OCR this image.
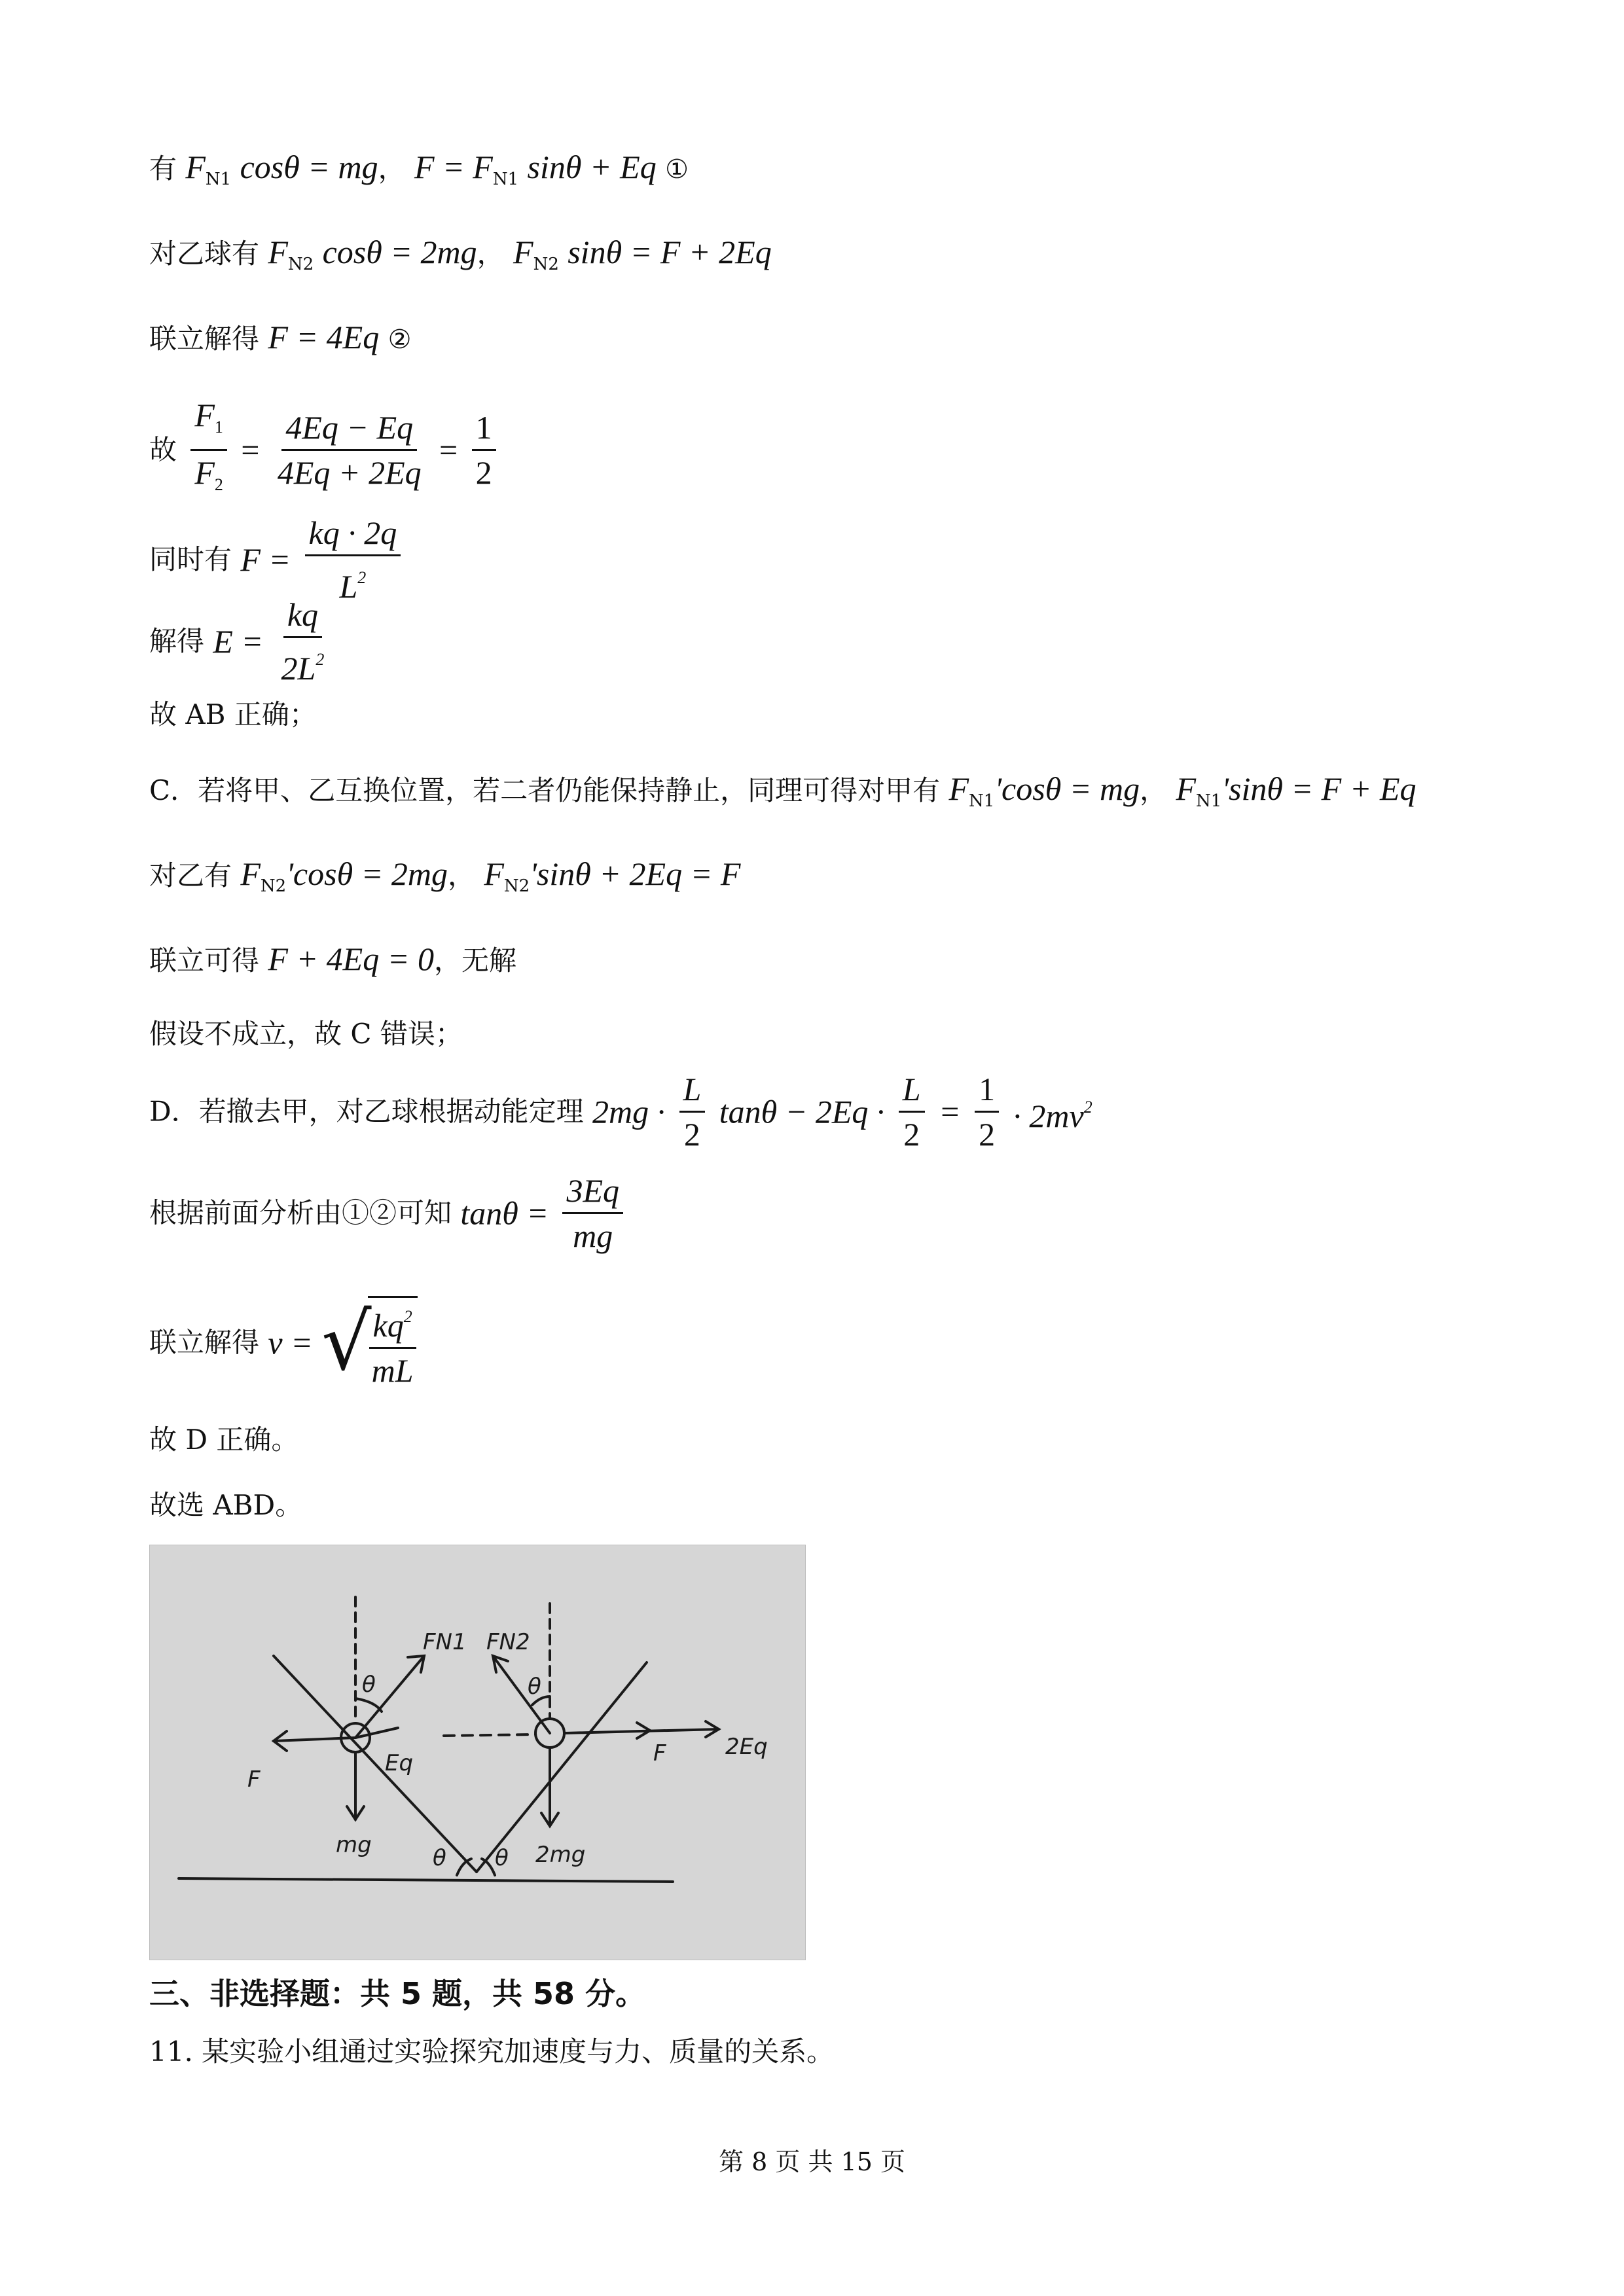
有 $F_{N1}$ cosθ = mg， $F = F_{N1}$ sinθ + Eq ①
对乙球有 $F_{N2}$ cosθ = 2mg， $F_{N2}$ sinθ = F + 2Eq
联立解得 F = 4Eq ②
故 $\frac{F_1}{F_2} = \frac{4Eq - Eq}{4Eq + 2Eq} = \frac{1}{2}$
同时有 $F = \frac{kq \cdot 2q}{L^2}$
解得 $E = \frac{kq}{2L^2}$
故 AB 正确；
C．若将甲、乙互换位置，若二者仍能保持静止，同理可得对甲有 $F_{N1}'\cos\theta$ = mg， $F_{N1}'\sin\theta = F + Eq$
对乙有 $F_{N2}'\cos\theta = 2mg$， $F_{N2}'\sin\theta + 2Eq = F$
联立可得 F + 4Eq = 0，无解
假设不成立，故 C 错误；
D．若撤去甲，对乙球根据动能定理 $2mg \cdot \frac{L}{2}$ $\tan\theta - 2Eq \cdot \frac{L}{2} = \frac{1}{2} \cdot 2mv^2$
根据前面分析由①②可知 $\tan\theta = \frac{3Eq}{mg}$
联立解得 v = √
$\frac{kq^2}{mL}$
故 D 正确。
故选 ABD。
FN1 FN2
θ	θ
F
Eq
mg	θ θ 2mg
F	2Eq
三、非选择题：共 5 题，共 58 分。
11. 某实验小组通过实验探究加速度与力、质量的关系。
第 8 页 共 15 页
